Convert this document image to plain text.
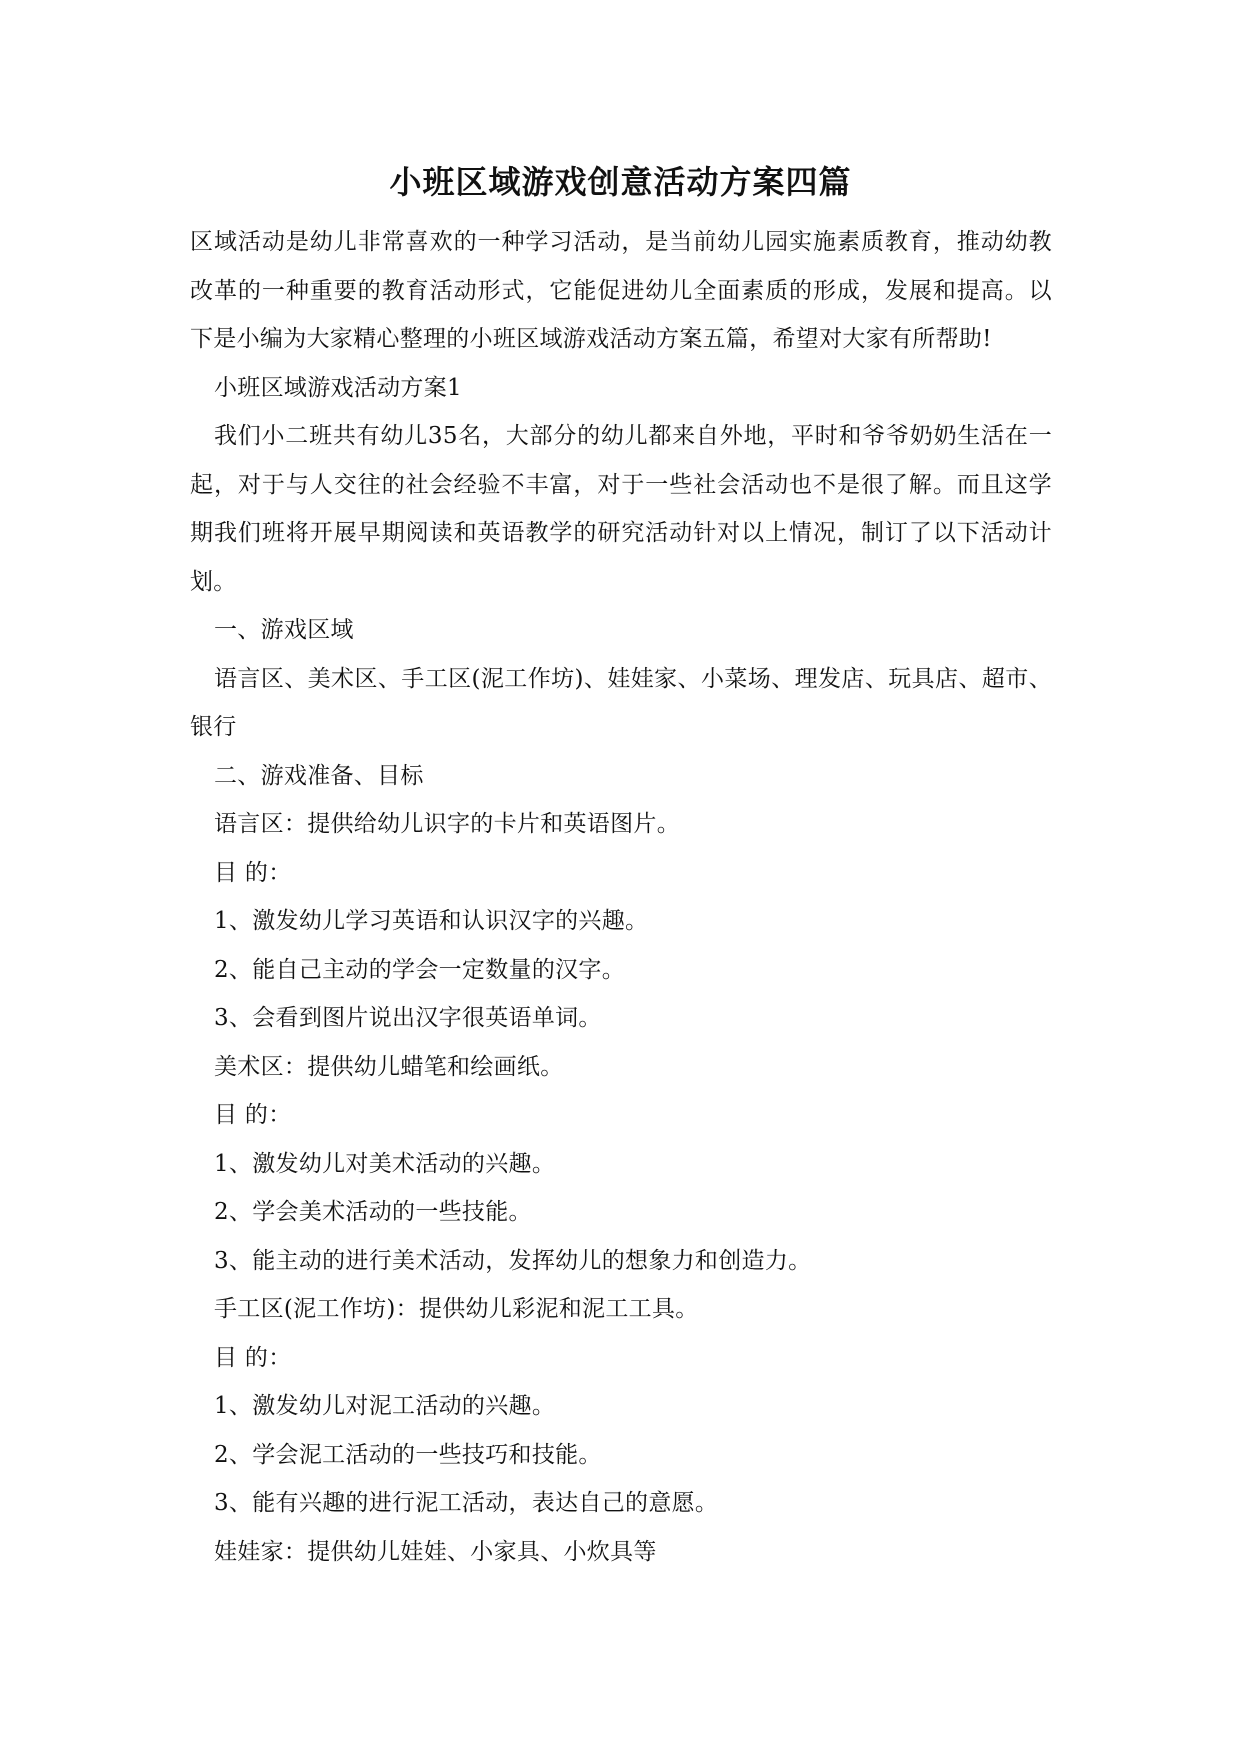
小班区域游戏创意活动方案四篇

区域活动是幼儿非常喜欢的一种学习活动，是当前幼儿园实施素质教育，推动幼教改革的一种重要的教育活动形式，它能促进幼儿全面素质的形成，发展和提高。以下是小编为大家精心整理的小班区域游戏活动方案五篇，希望对大家有所帮助!

小班区域游戏活动方案1

我们小二班共有幼儿35名，大部分的幼儿都来自外地，平时和爷爷奶奶生活在一起，对于与人交往的社会经验不丰富，对于一些社会活动也不是很了解。而且这学期我们班将开展早期阅读和英语教学的研究活动针对以上情况，制订了以下活动计划。

一、游戏区域

语言区、美术区、手工区(泥工作坊)、娃娃家、小菜场、理发店、玩具店、超市、银行

二、游戏准备、目标

语言区：提供给幼儿识字的卡片和英语图片。

目 的：

1、激发幼儿学习英语和认识汉字的兴趣。

2、能自己主动的学会一定数量的汉字。

3、会看到图片说出汉字很英语单词。

美术区：提供幼儿蜡笔和绘画纸。

目 的：

1、激发幼儿对美术活动的兴趣。

2、学会美术活动的一些技能。

3、能主动的进行美术活动，发挥幼儿的想象力和创造力。

手工区(泥工作坊)：提供幼儿彩泥和泥工工具。

目 的：

1、激发幼儿对泥工活动的兴趣。

2、学会泥工活动的一些技巧和技能。

3、能有兴趣的进行泥工活动，表达自己的意愿。

娃娃家：提供幼儿娃娃、小家具、小炊具等
